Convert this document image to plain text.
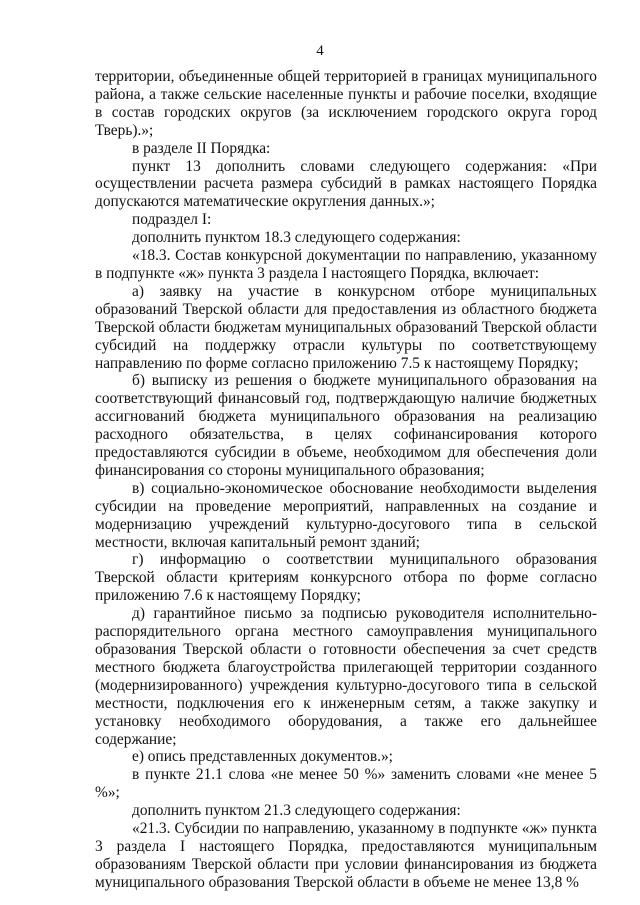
4

территории, объединенные общей территорией в границах муниципального района, а также сельские населенные пункты и рабочие поселки, входящие в состав городских округов (за исключением городского округа город Тверь).»;

в разделе II Порядка:

пункт 13 дополнить словами следующего содержания: «При осуществлении расчета размера субсидий в рамках настоящего Порядка допускаются математические округления данных.»;

подраздел I:

дополнить пунктом 18.3 следующего содержания:

«18.3. Состав конкурсной документации по направлению, указанному в подпункте «ж» пункта 3 раздела I настоящего Порядка, включает:

а) заявку на участие в конкурсном отборе муниципальных образований Тверской области для предоставления из областного бюджета Тверской области бюджетам муниципальных образований Тверской области субсидий на поддержку отрасли культуры по соответствующему направлению по форме согласно приложению 7.5 к настоящему Порядку;

б) выписку из решения о бюджете муниципального образования на соответствующий финансовый год, подтверждающую наличие бюджетных ассигнований бюджета муниципального образования на реализацию расходного обязательства, в целях софинансирования которого предоставляются субсидии в объеме, необходимом для обеспечения доли финансирования со стороны муниципального образования;

в) социально-экономическое обоснование необходимости выделения субсидии на проведение мероприятий, направленных на создание и модернизацию учреждений культурно-досугового типа в сельской местности, включая капитальный ремонт зданий;

г) информацию о соответствии муниципального образования Тверской области критериям конкурсного отбора по форме согласно приложению 7.6 к настоящему Порядку;

д) гарантийное письмо за подписью руководителя исполнительно-распорядительного органа местного самоуправления муниципального образования Тверской области о готовности обеспечения за счет средств местного бюджета благоустройства прилегающей территории созданного (модернизированного) учреждения культурно-досугового типа в сельской местности, подключения его к инженерным сетям, а также закупку и установку необходимого оборудования, а также его дальнейшее содержание;

е) опись представленных документов.»;

в пункте 21.1 слова «не менее 50 %» заменить словами «не менее 5 %»;

дополнить пунктом 21.3 следующего содержания:

«21.3. Субсидии по направлению, указанному в подпункте «ж» пункта 3 раздела I настоящего Порядка, предоставляются муниципальным образованиям Тверской области при условии финансирования из бюджета муниципального образования Тверской области в объеме не менее 13,8 %
